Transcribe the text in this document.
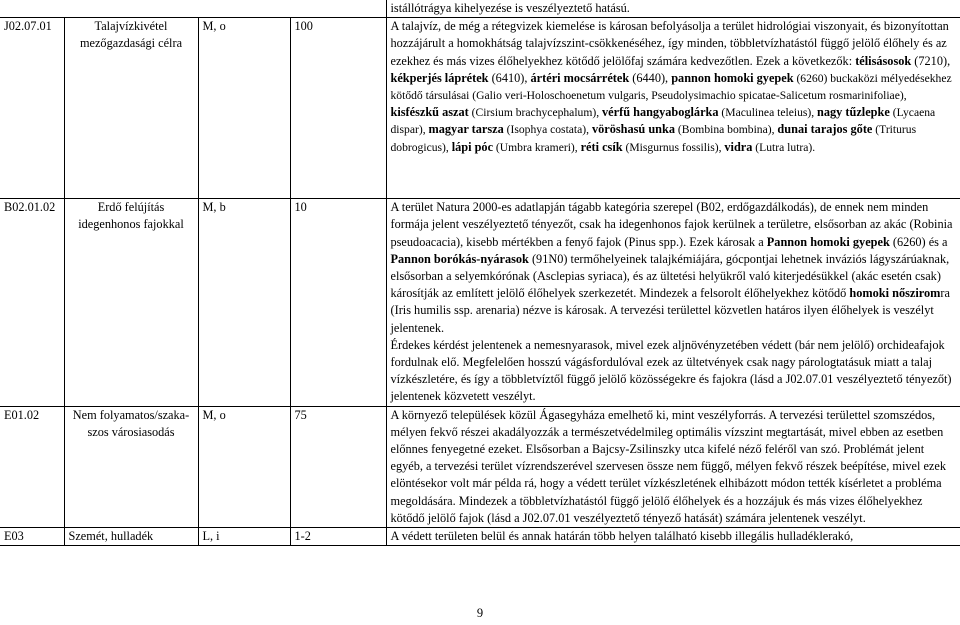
				istállótrágya kihelyezése is veszélyeztető hatású.
J02.07.01	Talajvízkivétel mezőgazdasági célra	M, o	100	A talajvíz, de még a rétegvizek kiemelése is károsan befolyásolja a terület hidrológiai viszonyait, és bizonyítottan hozzájárult a homokhátság talajvízszint-csökkenéséhez, így minden, többletvízhatástól függő jelölő élőhely és az ezekhez és más vizes élőhelyekhez kötődő jelölőfaj számára kedvezőtlen. Ezek a következők: télisásosok (7210), kékperjés láprétek (6410), ártéri mocsárrétek (6440), pannon homoki gyepek (6260) buckaközi mélyedésekhez kötődő társulásai (Galio veri-Holoschoenetum vulgaris, Pseudolysimachio spicatae-Salicetum rosmarinifoliae), kisfészkű aszat (Cirsium brachycephalum), vérfű hangyaboglárka (Maculinea teleius), nagy tűzlepke (Lycaena dispar), magyar tarsza (Isophya costata), vöröshasú unka (Bombina bombina), dunai tarajos gőte (Triturus dobrogicus), lápi póc (Umbra krameri), réti csík (Misgurnus fossilis), vidra (Lutra lutra).
B02.01.02	Erdő felújítás idegenhonos fajokkal	M, b	10	A terület Natura 2000-es adatlapján tágabb kategória szerepel (B02, erdőgazdálkodás), de ennek nem minden formája jelent veszélyeztető tényezőt, csak ha idegenhonos fajok kerülnek a területre, elsősorban az akác (Robinia pseudoacacia), kisebb mértékben a fenyő fajok (Pinus spp.). Ezek károsak a Pannon homoki gyepek (6260) és a Pannon borókás-nyárasok (91N0) termőhelyeinek talajkémiájára, gócpontjai lehetnek inváziós lágyszárúaknak, elsősorban a selyemkórónak (Asclepias syriaca), és az ültetési helyükről való kiterjedésükkel (akác esetén csak) károsítják az említett jelölő élőhelyek szerkezetét. Mindezek a felsorolt élőhelyekhez kötődő homoki nősziromra (Iris humilis ssp. arenaria) nézve is károsak. A tervezési területtel közvetlen határos ilyen élőhelyek is veszélyt jelentenek.
Érdekes kérdést jelentenek a nemesnyarasok, mivel ezek aljnövényzetében védett (bár nem jelölő) orchideafajok fordulnak elő. Megfelelően hosszú vágásfordulóval ezek az ültetvények csak nagy párologtatásuk miatt a talaj vízkészletére, és így a többletvíztől függő jelölő közösségekre és fajokra (lásd a J02.07.01 veszélyeztető tényezőt) jelentenek közvetett veszélyt.
E01.02	Nem folyamatos/szaka-szos városiasodás	M, o	75	A környező települések közül Ágasegyháza emelhető ki, mint veszélyforrás. A tervezési területtel szomszédos, mélyen fekvő részei akadályozzák a természetvédelmileg optimális vízszint megtartását, mivel ebben az esetben előnnes fenyegetné ezeket. Elsősorban a Bajcsy-Zsilinszky utca kifelé néző feléről van szó. Problémát jelent egyéb, a tervezési terület vízrendszerével szervesen össze nem függő, mélyen fekvő részek beépítése, mivel ezek elöntésekor volt már példa rá, hogy a védett terület vízkészletének elhibázott módon tették kísérletet a probléma megoldására. Mindezek a többletvízhatástól függő jelölő élőhelyek és a hozzájuk és más vizes élőhelyekhez kötődő jelölő fajok (lásd a J02.07.01 veszélyeztető tényező hatását) számára jelentenek veszélyt.
E03	Szemét, hulladék	L, i	1-2	A védett területen belül és annak határán több helyen található kisebb illegális hulladéklerakó,
9
